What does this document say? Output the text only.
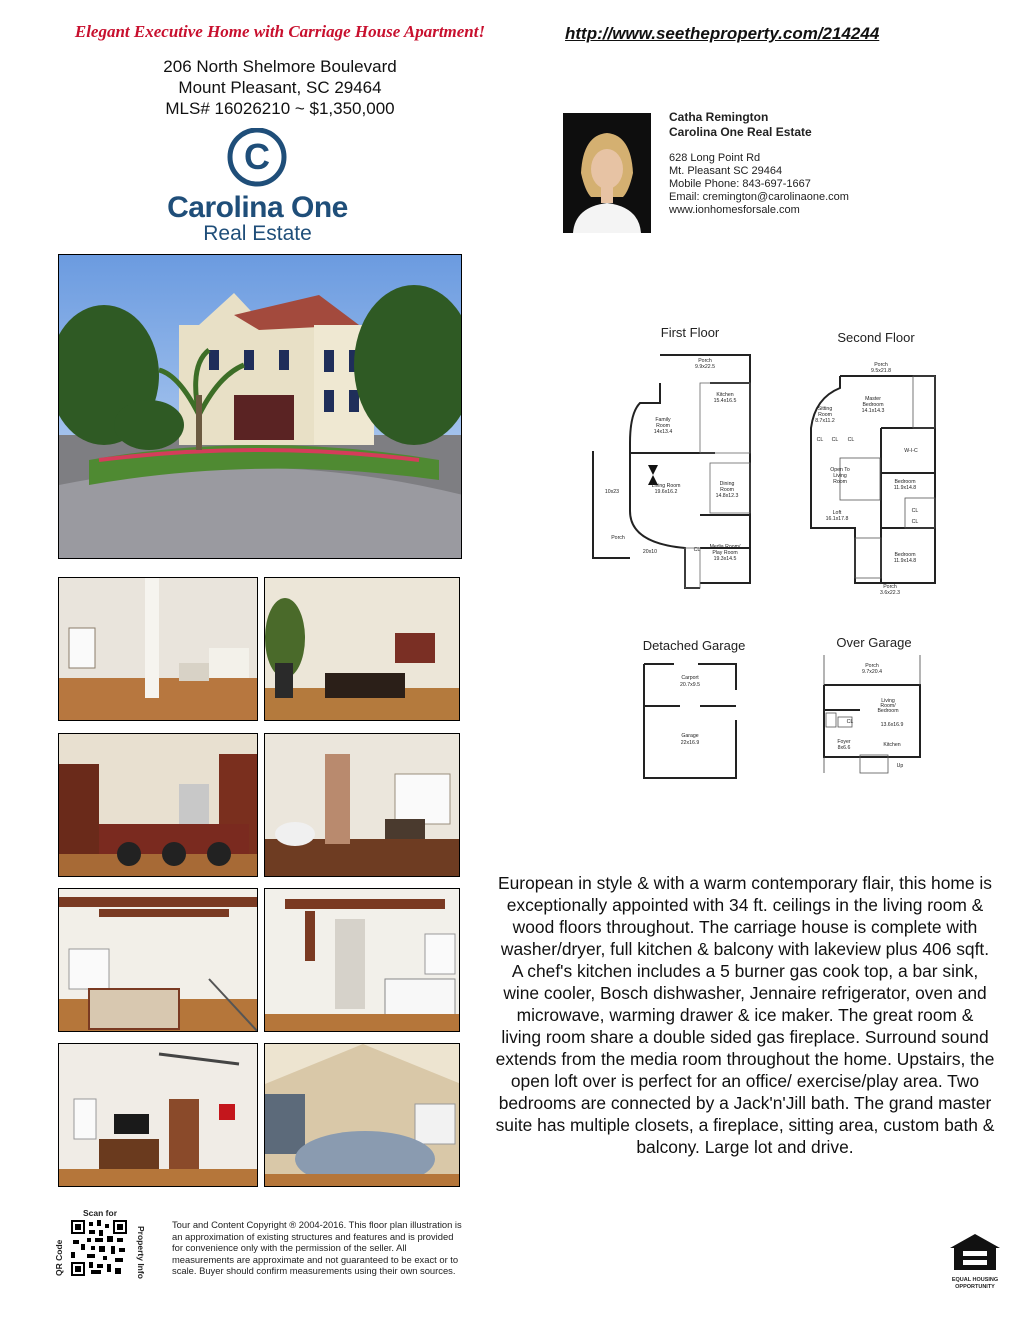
Elegant Executive Home with Carriage House Apartment!	http://www.seetheproperty.com/214244
206 North Shelmore Boulevard
Mount Pleasant, SC 29464
MLS# 16026210 ~ $1,350,000
C
Carolina One
Real Estate
Catha Remington
Carolina One Real Estate
628 Long Point Rd
Mt. Pleasant SC 29464
Mobile Phone: 843-697-1667
Email: cremington@carolinaone.com
www.ionhomesforsale.com
First Floor
Porch
9.9x22.5
Kitchen
15.4x16.5
Family
Room
14x13.4
Living Room
19.6x16.2
Dining
Room
14.8x12.3
10x23
Porch
20x10
Media Room/
Play Room
19.3x14.5
CL
Second Floor
Porch
9.5x21.8
Master
Bedroom
14.1x14.3
Sitting
Room
8.7x11.2
CL CL CL
W-I-C
Open To
Living
Room	Bedroom
11.9x14.8
Loft
16.1x17.8
CL
CL
Bedroom
11.9x14.8
Porch
3.6x22.3
Detached Garage
Carport
20.7x9.5
Garage
22x16.9
Over Garage
Porch
9.7x20.4
Living
Room/
Bedroom
13.6x16.9
CL
Foyer
8x6.6	Kitchen
Up
European in style & with a warm contemporary flair, this home is exceptionally appointed with 34 ft. ceilings in the living room & wood floors throughout. The carriage house is complete with washer/dryer, full kitchen & balcony with lakeview plus 406 sqft. A chef's kitchen includes a 5 burner gas cook top, a bar sink, wine cooler, Bosch dishwasher, Jennaire refrigerator, oven and microwave, warming drawer & ice maker. The great room & living room share a double sided gas fireplace. Surround sound extends from the media room throughout the home. Upstairs, the open loft over is perfect for an office/ exercise/play area. Two bedrooms are connected by a Jack'n'Jill bath. The grand master suite has multiple closets, a fireplace, sitting area, custom bath & balcony. Large lot and drive.
Scan for
QR Code	Property Info
Tour and Content Copyright ® 2004-2016. This floor plan illustration is an approximation of existing structures and features and is provided for convenience only with the permission of the seller. All measurements are approximate and not guaranteed to be exact or to scale. Buyer should confirm measurements using their own sources.
EQUAL HOUSING
OPPORTUNITY
